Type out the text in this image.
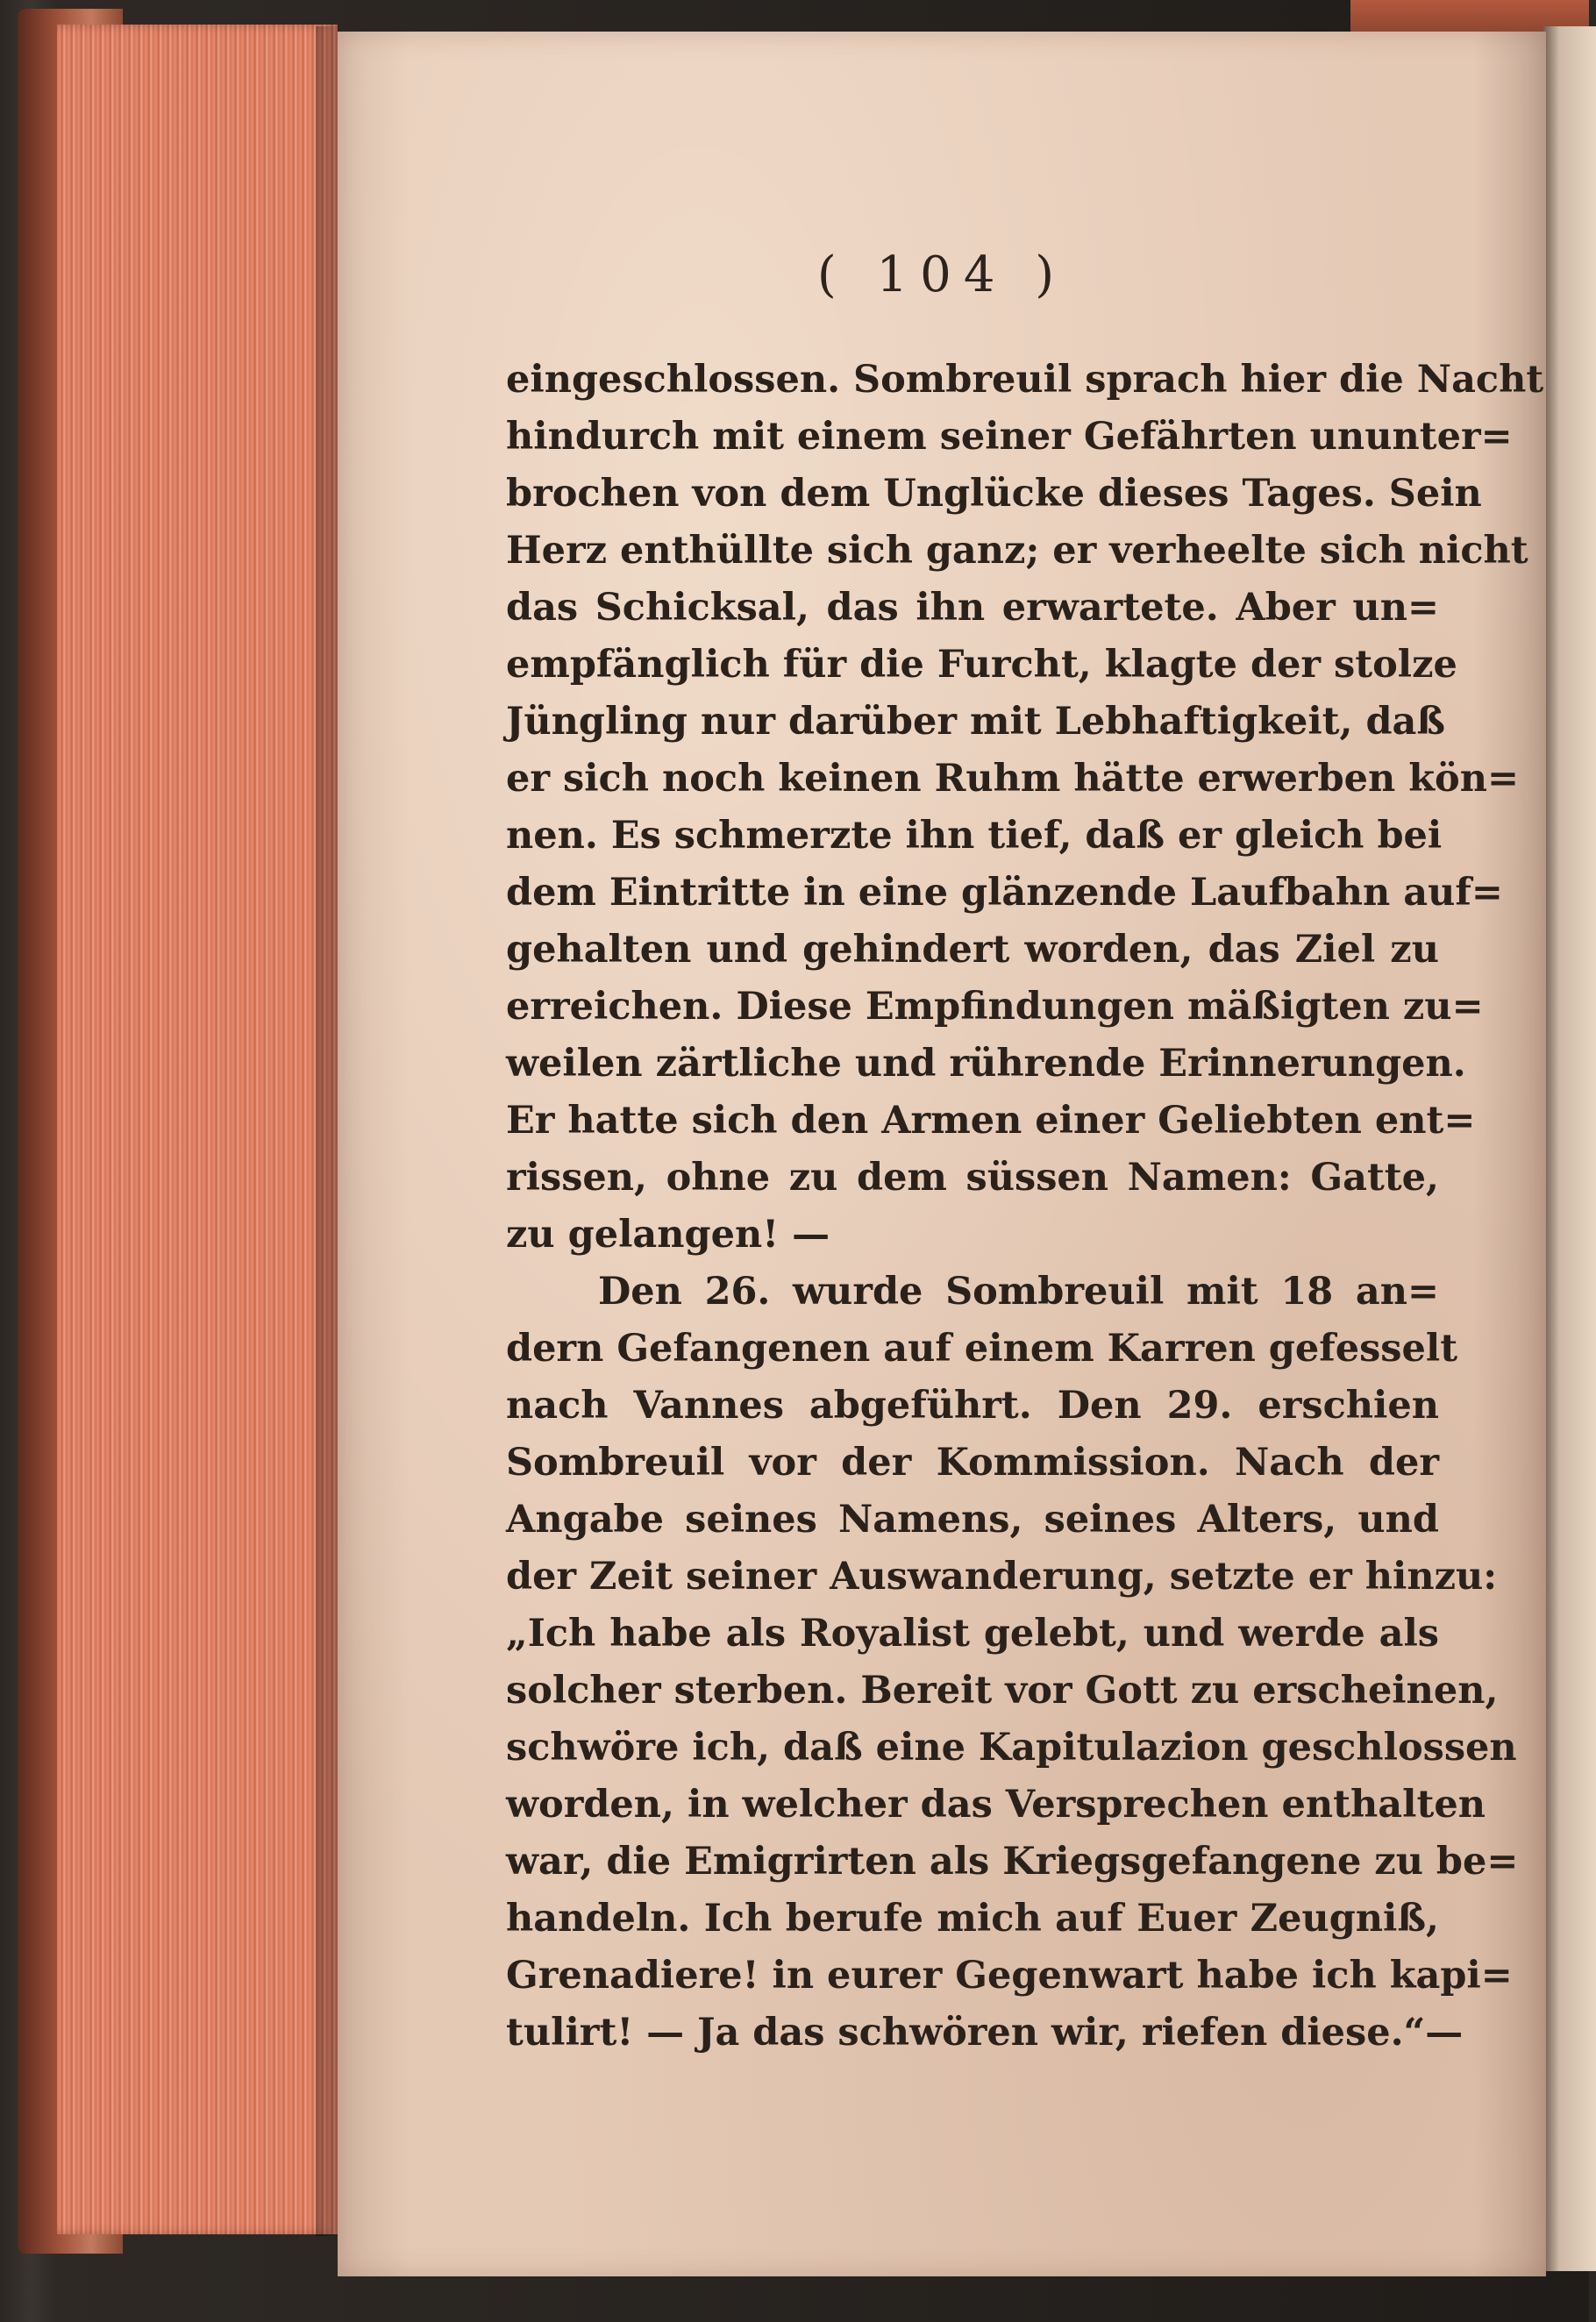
( 104 )
eingeschlossen. Sombreuil sprach hier die Nacht
hindurch mit einem seiner Gefährten ununter=
brochen von dem Unglücke dieses Tages. Sein
Herz enthüllte sich ganz; er verheelte sich nicht
das Schicksal, das ihn erwartete. Aber un=
empfänglich für die Furcht, klagte der stolze
Jüngling nur darüber mit Lebhaftigkeit, daß
er sich noch keinen Ruhm hätte erwerben kön=
nen. Es schmerzte ihn tief, daß er gleich bei
dem Eintritte in eine glänzende Laufbahn auf=
gehalten und gehindert worden, das Ziel zu
erreichen. Diese Empfindungen mäßigten zu=
weilen zärtliche und rührende Erinnerungen.
Er hatte sich den Armen einer Geliebten ent=
rissen, ohne zu dem süssen Namen: Gatte,
zu gelangen! —
Den 26. wurde Sombreuil mit 18 an=
dern Gefangenen auf einem Karren gefesselt
nach Vannes abgeführt. Den 29. erschien
Sombreuil vor der Kommission. Nach der
Angabe seines Namens, seines Alters, und
der Zeit seiner Auswanderung, setzte er hinzu:
„Ich habe als Royalist gelebt, und werde als
solcher sterben. Bereit vor Gott zu erscheinen,
schwöre ich, daß eine Kapitulazion geschlossen
worden, in welcher das Versprechen enthalten
war, die Emigrirten als Kriegsgefangene zu be=
handeln. Ich berufe mich auf Euer Zeugniß,
Grenadiere! in eurer Gegenwart habe ich kapi=
tulirt! — Ja das schwören wir, riefen diese.“—
